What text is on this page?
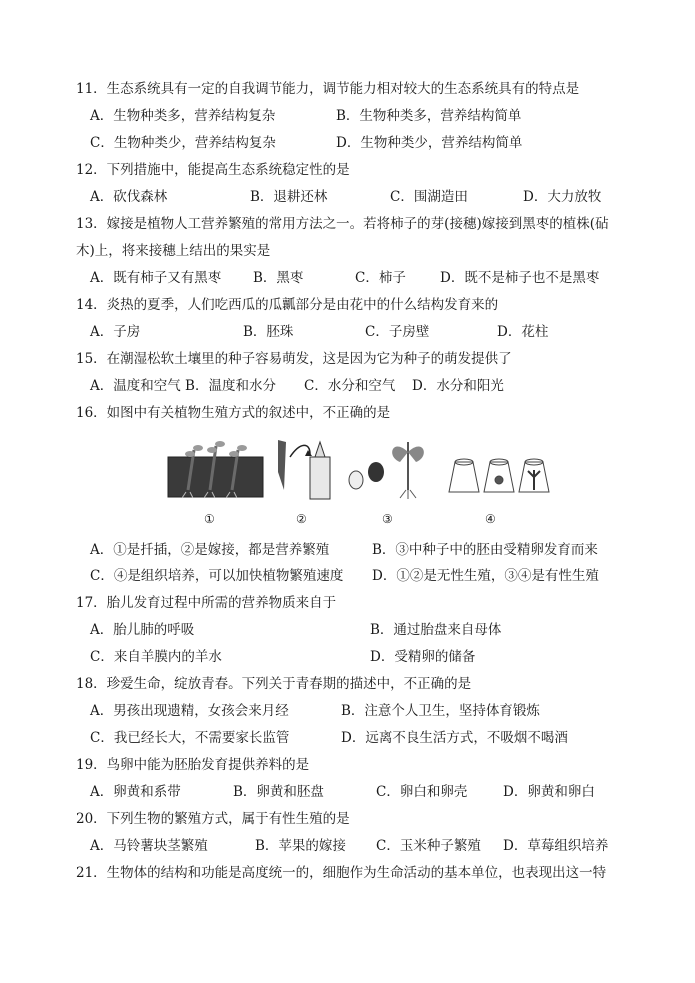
11．生态系统具有一定的自我调节能力，调节能力相对较大的生态系统具有的特点是
A．生物种类多，营养结构复杂	B．生物种类多，营养结构简单
C．生物种类少，营养结构复杂	D．生物种类少，营养结构简单
12．下列措施中，能提高生态系统稳定性的是
A．砍伐森林	B．退耕还林	C．围湖造田	D．大力放牧
13．嫁接是植物人工营养繁殖的常用方法之一。若将柿子的芽(接穗)嫁接到黑枣的植株(砧
木)上，将来接穗上结出的果实是
A．既有柿子又有黑枣 B．黑枣	C．柿子	D．既不是柿子也不是黑枣
14．炎热的夏季，人们吃西瓜的瓜瓤部分是由花中的什么结构发育来的
A．子房	B．胚珠	C．子房壁	D．花柱
15．在潮湿松软土壤里的种子容易萌发，这是因为它为种子的萌发提供了
A．温度和空气 B．温度和水分 C．水分和空气 D．水分和阳光
16．如图中有关植物生殖方式的叙述中，不正确的是
①	②	③	④
A．①是扦插，②是嫁接，都是营养繁殖	B．③中种子中的胚由受精卵发育而来
C．④是组织培养，可以加快植物繁殖速度 D．①②是无性生殖，③④是有性生殖
17．胎儿发育过程中所需的营养物质来自于
A．胎儿肺的呼吸	B．通过胎盘来自母体
C．来自羊膜内的羊水	D．受精卵的储备
18．珍爱生命，绽放青春。下列关于青春期的描述中，不正确的是
A．男孩出现遗精，女孩会来月经	B．注意个人卫生，坚持体育锻炼
C．我已经长大，不需要家长监管	D．远离不良生活方式，不吸烟不喝酒
19．鸟卵中能为胚胎发育提供养料的是
A．卵黄和系带	B．卵黄和胚盘	C．卵白和卵壳	D．卵黄和卵白
20．下列生物的繁殖方式，属于有性生殖的是
A．马铃薯块茎繁殖	B．苹果的嫁接 C．玉米种子繁殖 D．草莓组织培养
21．生物体的结构和功能是高度统一的，细胞作为生命活动的基本单位，也表现出这一特
